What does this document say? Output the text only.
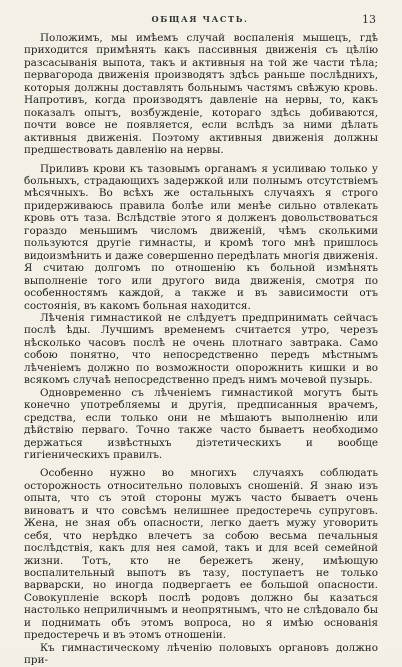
ОБЩАЯ ЧАСТЬ.	13

Положимъ, мы имѣемъ случай воспаленія мышецъ, гдѣ приходится примѣнять какъ пассивныя движенія съ цѣлію разсасыванія выпота, такъ и активныя на той же части тѣла; первагорода движенія производятъ здѣсь раньше послѣднихъ, которыя должны доставлять больнымъ частямъ свѣжую кровь. Напротивъ, когда производятъ давленіе на нервы, то, какъ показалъ опытъ, возбужденіе, котораго здѣсь добиваются, почти вовсе не появляется, если вслѣдъ за ними дѣлать активныя движенія. Поэтому активныя движенія должны предшествовать давленію на нервы.

Приливъ крови къ тазовымъ органамъ я усиливаю только у больныхъ, страдающихъ задержкой или полнымъ отсутствіемъ мѣсячныхъ. Во всѣхъ же остальныхъ случаяхъ я строго придерживаюсь правила болѣе или менѣе сильно отвлекать кровь отъ таза. Вслѣдствіе этого я долженъ довольствоваться гораздо меньшимъ числомъ движеній, чѣмъ сколькими пользуются другіе гимнасты, и кромѣ того мнѣ пришлось видоизмѣнить и даже совершенно передѣлать многія движенія. Я считаю долгомъ по отношенію къ больной измѣнять выполненіе того или другого вида движенія, смотря по особенностямъ каждой, а также и въ зависимости отъ состоянія, въ какомъ больная находится.

Лѣченія гимнастикой не слѣдуетъ предпринимать сейчасъ послѣ ѣды. Лучшимъ временемъ считается утро, черезъ нѣсколько часовъ послѣ не очень плотнаго завтрака. Само собою понятно, что непосредственно передъ мѣстнымъ лѣченіемъ должно по возможности опорожнить кишки и во всякомъ случаѣ непосредственно предъ нимъ мочевой пузырь.

Одновременно съ лѣченіемъ гимнастикой могутъ быть конечно употребляемы и другія, предписанныя врачемъ, средства, если только они не мѣшаютъ выполненію или дѣйствію перваго. Точно также часто бываетъ необходимо держаться извѣстныхъ діэтетическихъ и вообще гигіеническихъ правилъ.

Особенно нужно во многихъ случаяхъ соблюдать осторожность относительно половыхъ сношеній. Я знаю изъ опыта, что съ этой стороны мужъ часто бываетъ очень виноватъ и что совсѣмъ нелишнее предостеречь супруговъ. Жена, не зная объ опасности, легко даетъ мужу уговорить себя, что нерѣдко влечетъ за собою весьма печальныя послѣдствія, какъ для нея самой, такъ и для всей семейной жизни. Тотъ, кто не бережетъ жену, имѣющую воспалительный выпотъ въ тазу, поступаетъ не только варварски, но иногда подвергаетъ ее большой опасности. Совокупленіе вскорѣ послѣ родовъ должно бы казаться настолько неприличнымъ и неопрятнымъ, что не слѣдовало бы и поднимать объ этомъ вопроса, но я имѣю основанія предостеречь и въ этомъ отношеніи.

Къ гимнастическому лѣченію половыхъ органовъ должно при-
